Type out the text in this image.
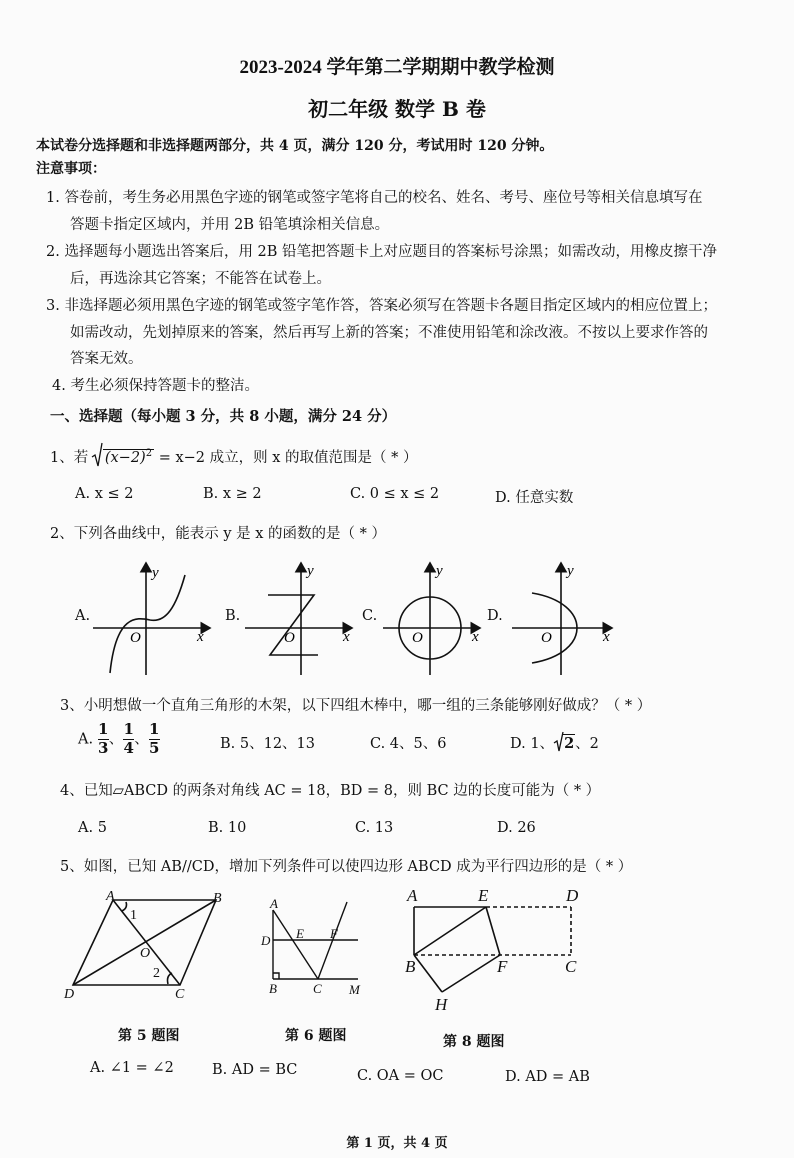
2023-2024 学年第二学期期中教学检测
初二年级 数学 B 卷
本试卷分选择题和非选择题两部分，共 4 页，满分 120 分，考试用时 120 分钟。
注意事项：
1. 答卷前，考生务必用黑色字迹的钢笔或签字笔将自己的校名、姓名、考号、座位号等相关信息填写在
答题卡指定区域内，并用 2B 铅笔填涂相关信息。
2. 选择题每小题选出答案后，用 2B 铅笔把答题卡上对应题目的答案标号涂黑；如需改动，用橡皮擦干净
后，再选涂其它答案；不能答在试卷上。
3. 非选择题必须用黑色字迹的钢笔或签字笔作答，答案必须写在答题卡各题目指定区域内的相应位置上；
如需改动，先划掉原来的答案，然后再写上新的答案；不准使用铅笔和涂改液。不按以上要求作答的
答案无效。
4. 考生必须保持答题卡的整洁。
一、选择题（每小题 3 分，共 8 小题，满分 24 分）
1、若 $(x-2)^2 = x-2$ 成立，则 x 的取值范围是（ * ）
A. x ≤ 2	B. x ≥ 2	C. 0 ≤ x ≤ 2	D. 任意实数
2、下列各曲线中，能表示 y 是 x 的函数的是（ * ）
A.	B.	C.	D.
O	x
y
O	x
y
O	x
y
O	x
y
3、小明想做一个直角三角形的木架，以下四组木棒中，哪一组的三条能够刚好做成？（ * ）
A. $\frac{1}{3}$ 、 $\frac{1}{4}$ 、 $\frac{1}{5}$	B. 5、12、13	C. 4、5、6	D. 1、 2、2
4、已知▱ABCD 的两条对角线 AC = 18，BD = 8，则 BC 边的长度可能为（ * ）
A. 5	B. 10	C. 13	D. 26
5、如图，已知 AB//CD，增加下列条件可以使四边形 ABCD 成为平行四边形的是（ * ）
A	B
C
D
O
1
2
A
B	C
D E F
M
A
B	C
D
E
F
H
第 5 题图	第 6 题图	第 8 题图
A. ∠1 = ∠2	B. AD = BC	C. OA = OC	D. AD = AB
第 1 页，共 4 页
